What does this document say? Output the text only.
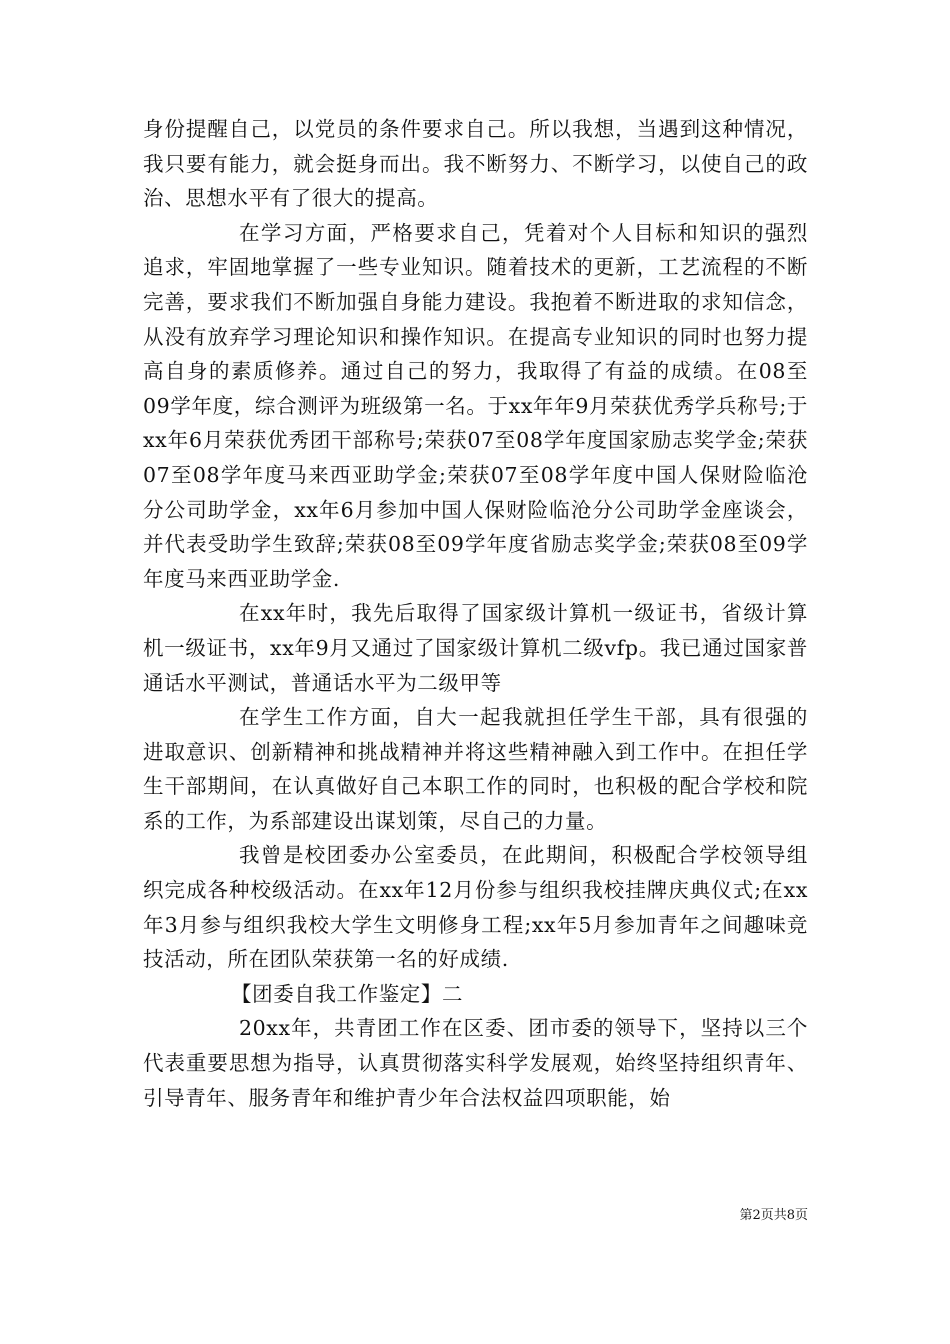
身份提醒自己，以党员的条件要求自己。所以我想，当遇到这种情况，我只要有能力，就会挺身而出。我不断努力、不断学习，以使自己的政治、思想水平有了很大的提高。

在学习方面，严格要求自己，凭着对个人目标和知识的强烈追求，牢固地掌握了一些专业知识。随着技术的更新，工艺流程的不断完善，要求我们不断加强自身能力建设。我抱着不断进取的求知信念，从没有放弃学习理论知识和操作知识。在提高专业知识的同时也努力提高自身的素质修养。通过自己的努力，我取得了有益的成绩。在08至09学年度，综合测评为班级第一名。于xx年年9月荣获优秀学兵称号;于xx年6月荣获优秀团干部称号;荣获07至08学年度国家励志奖学金;荣获07至08学年度马来西亚助学金;荣获07至08学年度中国人保财险临沧分公司助学金，xx年6月参加中国人保财险临沧分公司助学金座谈会，并代表受助学生致辞;荣获08至09学年度省励志奖学金;荣获08至09学年度马来西亚助学金.

在xx年时，我先后取得了国家级计算机一级证书，省级计算机一级证书，xx年9月又通过了国家级计算机二级vfp。我已通过国家普通话水平测试，普通话水平为二级甲等

在学生工作方面，自大一起我就担任学生干部，具有很强的进取意识、创新精神和挑战精神并将这些精神融入到工作中。在担任学生干部期间，在认真做好自己本职工作的同时，也积极的配合学校和院系的工作，为系部建设出谋划策，尽自己的力量。

我曾是校团委办公室委员，在此期间，积极配合学校领导组织完成各种校级活动。在xx年12月份参与组织我校挂牌庆典仪式;在xx年3月参与组织我校大学生文明修身工程;xx年5月参加青年之间趣味竞技活动，所在团队荣获第一名的好成绩.

【团委自我工作鉴定】二

20xx年，共青团工作在区委、团市委的领导下，坚持以三个代表重要思想为指导，认真贯彻落实科学发展观，始终坚持组织青年、引导青年、服务青年和维护青少年合法权益四项职能，始

第2页共8页
